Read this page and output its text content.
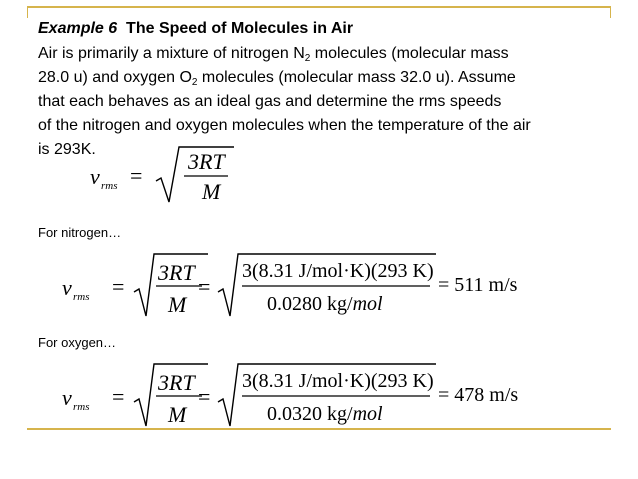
Example 6 The Speed of Molecules in Air
Air is primarily a mixture of nitrogen $N_2$ molecules (molecular mass
28.0 u) and oxygen $O_2$ molecules (molecular mass 32.0 u). Assume
that each behaves as an ideal gas and determine the rms speeds
of the nitrogen and oxygen molecules when the temperature of the air
is 293K.
v rms =
3RT
M
For nitrogen…
v rms =
3RT
M
=
3(8.31 J/mol·K)(293 K)
0.0280 kg/mol
= 511 m/s
For oxygen…
v rms =
3RT
M
=
3(8.31 J/mol·K)(293 K)
0.0320 kg/mol
= 478 m/s
